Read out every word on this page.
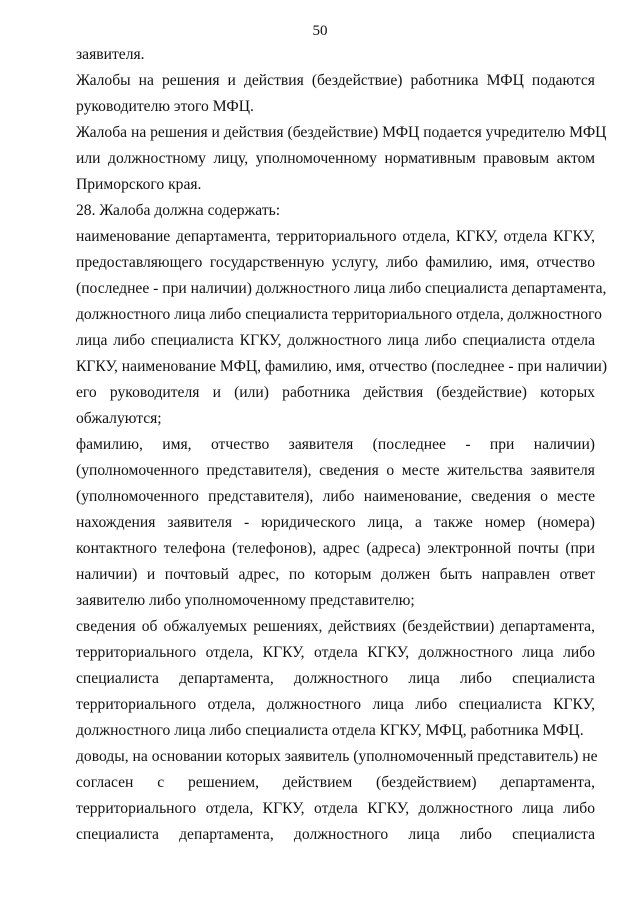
50
заявителя.
Жалобы на решения и действия (бездействие) работника МФЦ подаются
руководителю этого МФЦ.
Жалоба на решения и действия (бездействие) МФЦ подается учредителю МФЦ
или должностному лицу, уполномоченному нормативным правовым актом
Приморского края.
28. Жалоба должна содержать:
наименование департамента, территориального отдела, КГКУ, отдела КГКУ,
предоставляющего государственную услугу, либо фамилию, имя, отчество
(последнее - при наличии) должностного лица либо специалиста департамента,
должностного лица либо специалиста территориального отдела, должностного
лица либо специалиста КГКУ, должностного лица либо специалиста отдела
КГКУ, наименование МФЦ, фамилию, имя, отчество (последнее - при наличии)
его руководителя и (или) работника действия (бездействие) которых
обжалуются;
фамилию, имя, отчество заявителя (последнее - при наличии)
(уполномоченного представителя), сведения о месте жительства заявителя
(уполномоченного представителя), либо наименование, сведения о месте
нахождения заявителя - юридического лица, а также номер (номера)
контактного телефона (телефонов), адрес (адреса) электронной почты (при
наличии) и почтовый адрес, по которым должен быть направлен ответ
заявителю либо уполномоченному представителю;
сведения об обжалуемых решениях, действиях (бездействии) департамента,
территориального отдела, КГКУ, отдела КГКУ, должностного лица либо
специалиста департамента, должностного лица либо специалиста
территориального отдела, должностного лица либо специалиста КГКУ,
должностного лица либо специалиста отдела КГКУ, МФЦ, работника МФЦ.
доводы, на основании которых заявитель (уполномоченный представитель) не
согласен с решением, действием (бездействием) департамента,
территориального отдела, КГКУ, отдела КГКУ, должностного лица либо
специалиста департамента, должностного лица либо специалиста
